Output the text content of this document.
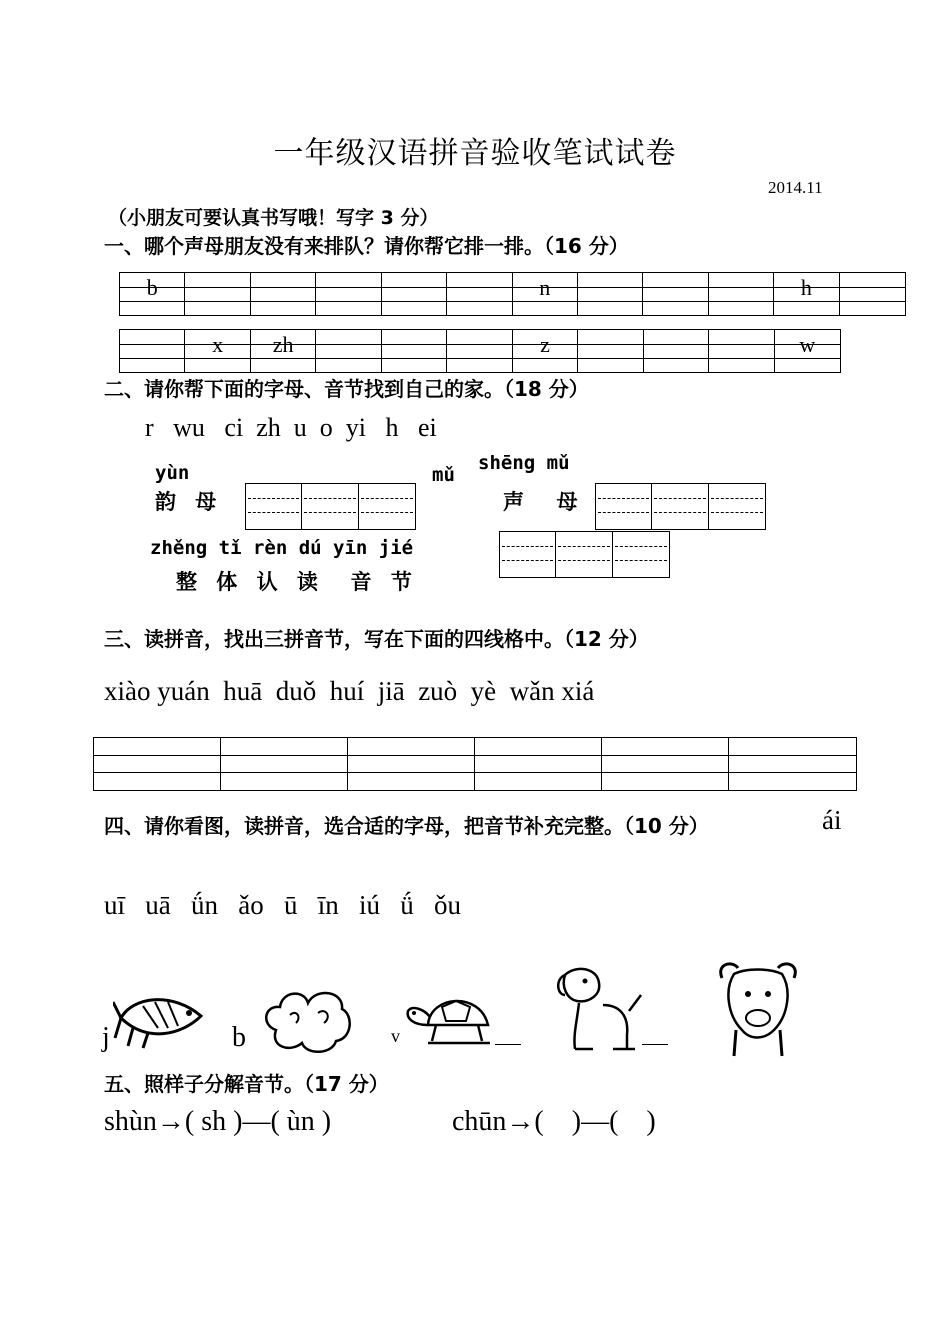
一年级汉语拼音验收笔试试卷
2014.11
（小朋友可要认真书写哦！写字 3 分）
一、哪个声母朋友没有来排队？请你帮它排一排。（16 分）
b	n	h
x	zh	z	w
二、请你帮下面的字母、音节找到自己的家。（18 分）
r   wu   ci  zh  u  o  yi   h   ei
yùn
韵 母
mǔ
shēng mǔ
声  母
zhěng tǐ rèn dú yīn jié
整 体 认 读  音 节
三、读拼音，找出三拼音节，写在下面的四线格中。（12 分）
xiào yuán  huā  duǒ  huí  jiā  zuò  yè  wǎn xiá
四、请你看图，读拼音，选合适的字母，把音节补充完整。（10 分）	ái
uī   uā   ǘn   ǎo   ū   īn   iú   ǘ   ǒu
j	b	v
五、照样子分解音节。（17 分）
shùn→( sh )—( ùn )	chūn→(    )—(    )
